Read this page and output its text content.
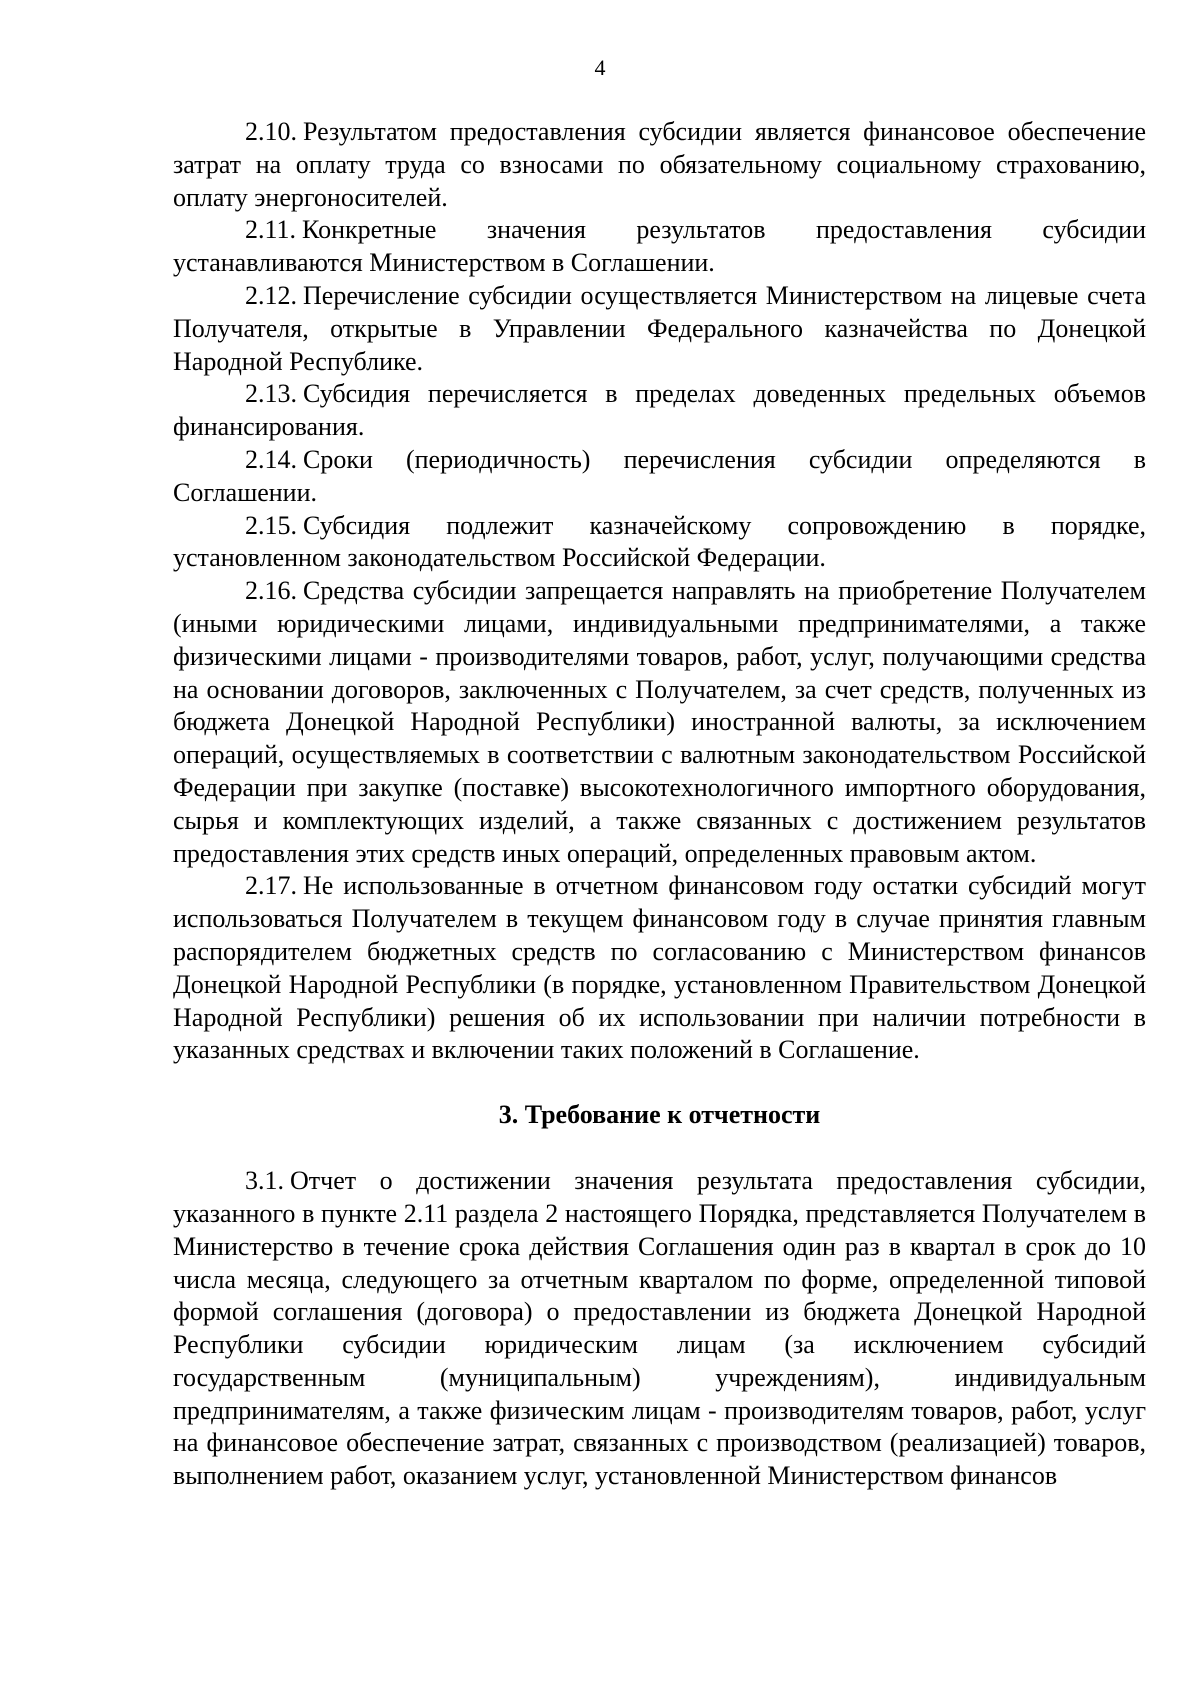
4

2.10. Результатом предоставления субсидии является финансовое обеспечение затрат на оплату труда со взносами по обязательному социальному страхованию, оплату энергоносителей.

2.11. Конкретные значения результатов предоставления субсидии устанавливаются Министерством в Соглашении.

2.12. Перечисление субсидии осуществляется Министерством на лицевые счета Получателя, открытые в Управлении Федерального казначейства по Донецкой Народной Республике.

2.13. Субсидия перечисляется в пределах доведенных предельных объемов финансирования.

2.14. Сроки (периодичность) перечисления субсидии определяются в Соглашении.

2.15. Субсидия подлежит казначейскому сопровождению в порядке, установленном законодательством Российской Федерации.

2.16. Средства субсидии запрещается направлять на приобретение Получателем (иными юридическими лицами, индивидуальными предпринимателями, а также физическими лицами - производителями товаров, работ, услуг, получающими средства на основании договоров, заключенных с Получателем, за счет средств, полученных из бюджета Донецкой Народной Республики) иностранной валюты, за исключением операций, осуществляемых в соответствии с валютным законодательством Российской Федерации при закупке (поставке) высокотехнологичного импортного оборудования, сырья и комплектующих изделий, а также связанных с достижением результатов предоставления этих средств иных операций, определенных правовым актом.

2.17. Не использованные в отчетном финансовом году остатки субсидий могут использоваться Получателем в текущем финансовом году в случае принятия главным распорядителем бюджетных средств по согласованию с Министерством финансов Донецкой Народной Республики (в порядке, установленном Правительством Донецкой Народной Республики) решения об их использовании при наличии потребности в указанных средствах и включении таких положений в Соглашение.

3. Требование к отчетности

3.1. Отчет о достижении значения результата предоставления субсидии, указанного в пункте 2.11 раздела 2 настоящего Порядка, представляется Получателем в Министерство в течение срока действия Соглашения один раз в квартал в срок до 10 числа месяца, следующего за отчетным кварталом по форме, определенной типовой формой соглашения (договора) о предоставлении из бюджета Донецкой Народной Республики субсидии юридическим лицам (за исключением субсидий государственным (муниципальным) учреждениям), индивидуальным предпринимателям, а также физическим лицам - производителям товаров, работ, услуг на финансовое обеспечение затрат, связанных с производством (реализацией) товаров, выполнением работ, оказанием услуг, установленной Министерством финансов
